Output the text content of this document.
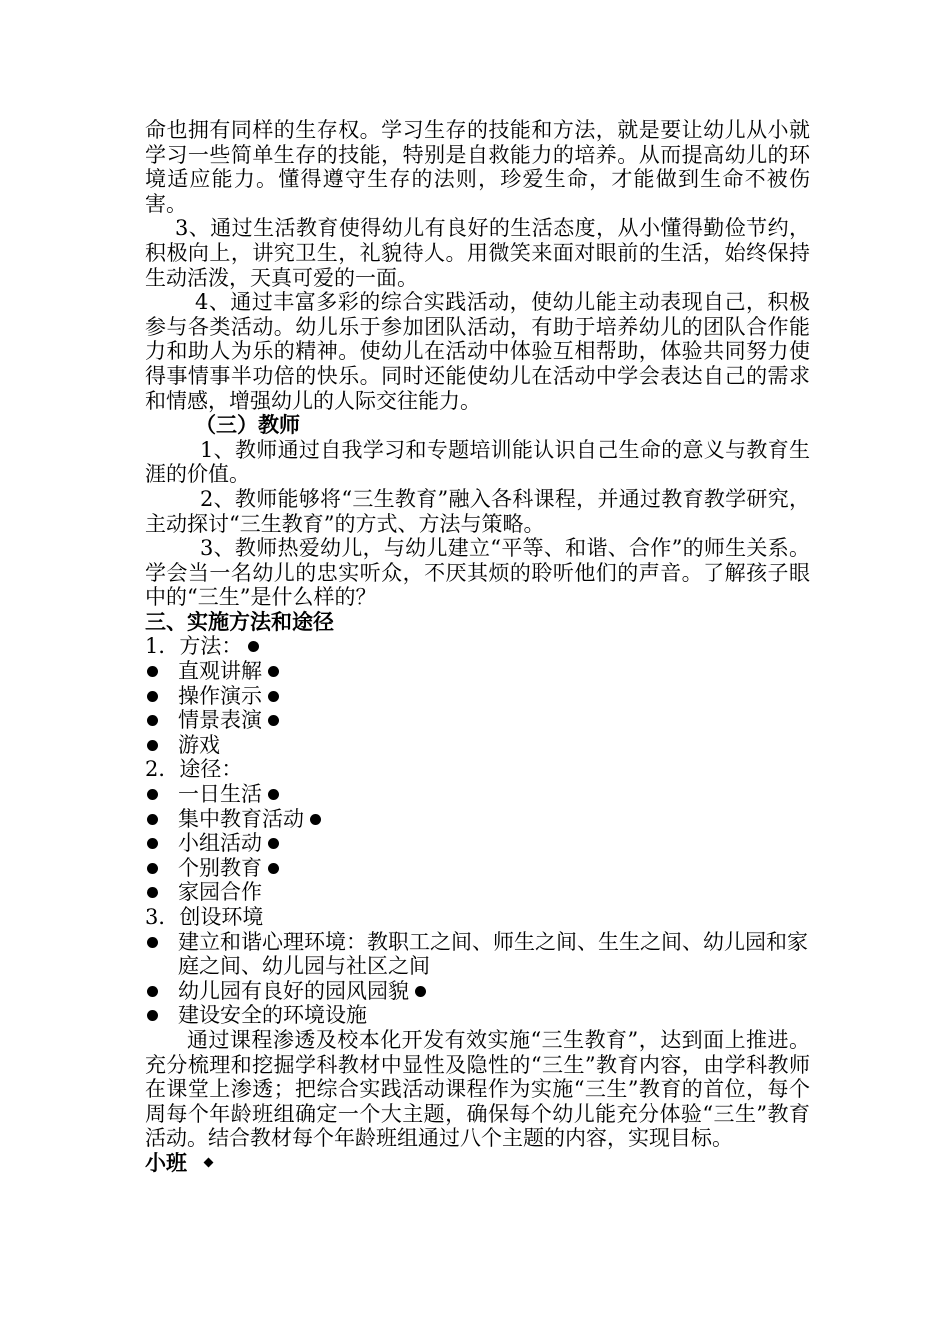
命也拥有同样的生存权。学习生存的技能和方法，就是要让幼儿从小就学习一些简单生存的技能，特别是自救能力的培养。从而提高幼儿的环境适应能力。懂得遵守生存的法则，珍爱生命，才能做到生命不被伤害。

3、通过生活教育使得幼儿有良好的生活态度，从小懂得勤俭节约，积极向上，讲究卫生，礼貌待人。用微笑来面对眼前的生活，始终保持生动活泼，天真可爱的一面。

4、通过丰富多彩的综合实践活动，使幼儿能主动表现自己，积极参与各类活动。幼儿乐于参加团队活动，有助于培养幼儿的团队合作能力和助人为乐的精神。使幼儿在活动中体验互相帮助，体验共同努力使得事情事半功倍的快乐。同时还能使幼儿在活动中学会表达自己的需求和情感，增强幼儿的人际交往能力。

（三）教师

1、教师通过自我学习和专题培训能认识自己生命的意义与教育生涯的价值。

2、教师能够将“三生教育”融入各科课程，并通过教育教学研究，主动探讨“三生教育”的方式、方法与策略。

3、教师热爱幼儿，与幼儿建立“平等、和谐、合作”的师生关系。学会当一名幼儿的忠实听众，不厌其烦的聆听他们的声音。了解孩子眼中的“三生”是什么样的？

三、实施方法和途径

1．方法：

直观讲解

操作演示

情景表演

游戏

2．途径：

一日生活

集中教育活动

小组活动

个别教育

家园合作

3．创设环境

建立和谐心理环境：教职工之间、师生之间、生生之间、幼儿园和家庭之间、幼儿园与社区之间

幼儿园有良好的园风园貌

建设安全的环境设施

通过课程渗透及校本化开发有效实施“三生教育”，达到面上推进。充分梳理和挖掘学科教材中显性及隐性的“三生”教育内容，由学科教师在课堂上渗透；把综合实践活动课程作为实施“三生”教育的首位，每个周每个年龄班组确定一个大主题，确保每个幼儿能充分体验“三生”教育活动。结合教材每个年龄班组通过八个主题的内容，实现目标。

小班
